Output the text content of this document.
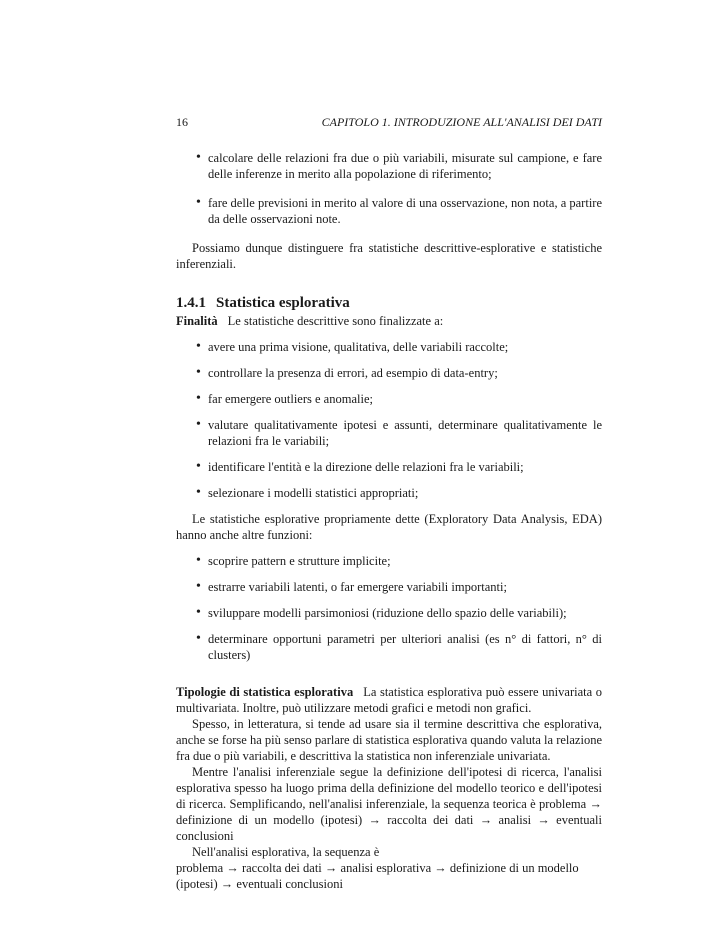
16	CAPITOLO 1. INTRODUZIONE ALL'ANALISI DEI DATI
• calcolare delle relazioni fra due o più variabili, misurate sul campione, e fare delle inferenze in merito alla popolazione di riferimento;
• fare delle previsioni in merito al valore di una osservazione, non nota, a partire da delle osservazioni note.

Possiamo dunque distinguere fra statistiche descrittive-esplorative e statistiche inferenziali.

1.4.1 Statistica esplorativa

Finalità Le statistiche descrittive sono finalizzate a:

• avere una prima visione, qualitativa, delle variabili raccolte;
• controllare la presenza di errori, ad esempio di data-entry;
• far emergere outliers e anomalie;
• valutare qualitativamente ipotesi e assunti, determinare qualitativamente le relazioni fra le variabili;
• identificare l'entità e la direzione delle relazioni fra le variabili;
• selezionare i modelli statistici appropriati;

Le statistiche esplorative propriamente dette (Exploratory Data Analysis, EDA) hanno anche altre funzioni:

• scoprire pattern e strutture implicite;
• estrarre variabili latenti, o far emergere variabili importanti;
• sviluppare modelli parsimoniosi (riduzione dello spazio delle variabili);
• determinare opportuni parametri per ulteriori analisi (es n° di fattori, n° di clusters)

Tipologie di statistica esplorativa La statistica esplorativa può essere univariata o multivariata. Inoltre, può utilizzare metodi grafici e metodi non grafici.

Spesso, in letteratura, si tende ad usare sia il termine descrittiva che esplorativa, anche se forse ha più senso parlare di statistica esplorativa quando valuta la relazione fra due o più variabili, e descrittiva la statistica non inferenziale univariata.

Mentre l'analisi inferenziale segue la definizione dell'ipotesi di ricerca, l'analisi esplorativa spesso ha luogo prima della definizione del modello teorico e dell'ipotesi di ricerca. Semplificando, nell'analisi inferenziale, la sequenza teorica è problema → definizione di un modello (ipotesi) → raccolta dei dati → analisi → eventuali conclusioni

Nell'analisi esplorativa, la sequenza è

problema → raccolta dei dati → analisi esplorativa → definizione di un modello (ipotesi) → eventuali conclusioni
